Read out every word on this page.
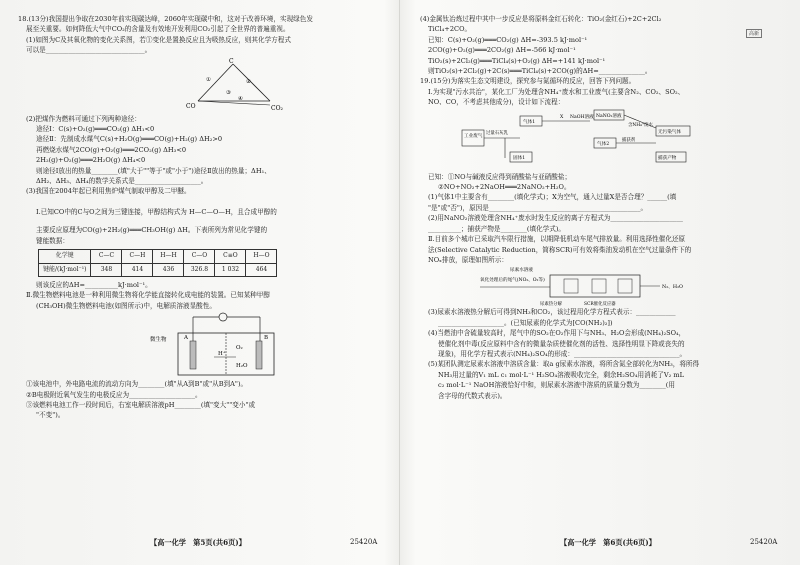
18.(13分)我国提出争取在2030年前实现碳达峰，2060年实现碳中和，这对于改善环境，实现绿色发
展至关重要。如何降低大气中CO₂的含量及有效地开发利用CO₂引起了全世界的普遍重视。
(1)如图为C及其氧化物的变化关系图，若①变化是置换反应且为吸热反应，则其化学方程式
可以是______________________________。
C
CO	CO₂
①	②
③
④
(2)把煤作为燃料可通过下列两种途径：
途径Ⅰ：C(s)+O₂(g)═══CO₂(g) ΔH₁<0
途径Ⅱ：先制成水煤气C(s)+H₂O(g)═══CO(g)+H₂(g) ΔH₂>0
再燃烧水煤气2CO(g)+O₂(g)═══2CO₂(g) ΔH₃<0
2H₂(g)+O₂(g)═══2H₂O(g) ΔH₄<0
则途径Ⅰ放出的热量________(填"大于""等于"或"小于")途径Ⅱ放出的热量；ΔH₁、
ΔH₂、ΔH₃、ΔH₄的数学关系式是____________________。
(3)我国在2004年起已利用焦炉煤气制取甲醇及二甲醚。
Ⅰ.已知CO中的C与O之间为三键连接，甲醇结构式为 H—C—O—H，且合成甲醇的
主要反应原理为CO(g)+2H₂(g)═══CH₃OH(g) ΔH。下表所列为常见化学键的
键能数据：
化学键	C—C	C—H	H—H	C—O	C≡O	H—O
键能/(kJ·mol⁻¹)	348	414	436	326.8	1 032	464
则该反应的ΔH=__________kJ·mol⁻¹。
Ⅱ.微生物燃料电池是一种利用微生物将化学能直接转化成电能的装置。已知某种甲醇
(CH₃OH)微生物燃料电池(如图所示)中，电解质溶液显酸性。
微生物	A	B
H⁺
O₂
H₂O
①该电池中，外电路电流的流动方向为________(填"从A到B"或"从B到A")。
②B电极附近氧气发生的电极反应为____________________。
③该燃料电池工作一段时间后，右室电解质溶液pH________(填"变大""变小"或
"不变")。
【高一化学　第5页(共6页)】	25420A
(4)金属钛冶炼过程中其中一步反应是将原料金红石转化：TiO₂(金红石)+2C+2Cl₂
TiCl₄+2CO。
已知：C(s)+O₂(g)═══CO₂(g) ΔH=-393.5 kJ·mol⁻¹
2CO(g)+O₂(g)═══2CO₂(g) ΔH=-566 kJ·mol⁻¹
TiO₂(s)+2Cl₂(g)═══TiCl₄(s)+O₂(g) ΔH=+141 kJ·mol⁻¹
则TiO₂(s)+2Cl₂(g)+2C(s)═══TiCl₄(s)+2CO(g)的ΔH=______________。
19.(15分)为落实生态文明建设，探究参与氮循环的反应，回答下列问题。
Ⅰ.为实现"污水共治"，某化工厂为处理含NH₄⁺废水和工业废气(主要含N₂、CO₂、SO₂、
NO、CO，不考虑其他成分)，设计如下流程：
工业废气
过量石灰乳
固体1
气体1
X NaOH溶液 NaNO₂溶液
含NH₄⁺废水
无污染气体
气体2
捕获剂
捕获产物
已知：①NO与碱液反应得到硝酸盐与亚硝酸盐；
②NO+NO₂+2NaOH═══2NaNO₂+H₂O。
(1)气体1中主要含有________(填化学式)；X为空气，通入过量X是否合理？______(填
"是"或"否")，原因是______________________________________________。
(2)用NaNO₂溶液处理含NH₄⁺废水时发生反应的离子方程式为______________________
__________；捕获产物是________(填化学式)。
Ⅱ.目前多个城市已采取汽车限行措施，以期降低机动车尾气排放量。利用选择性催化还原
法(Selective Catalytic Reduction，简称SCR)可有效将柴油发动机在空气过量条件下的
NOₓ排放，原理如图所示：
尿素水溶液
氧化处理后的尾气(NO₂、O₂等)
N₂、H₂O
尿素热分解	SCR催化反应器
(3)尿素水溶液热分解后可得到NH₃和CO₂，该过程用化学方程式表示：____________
____________________。(已知尿素的化学式为[CO(NH₂)₂])
(4)当燃油中含硫量较高时，尾气中的SO₂在O₂作用下与NH₃、H₂O会形成(NH₄)₂SO₄，
使催化剂中毒(反应原料中含有的微量杂质使催化剂的活性、选择性明显下降或丧失的
现象)，用化学方程式表示(NH₄)₂SO₄的形成：________________________________。
(5)某团队测定尿素水溶液中溶质含量：取a g尿素水溶液，将所含氮全部转化为NH₃，将所得
NH₃用过量的V₁ mL c₁ mol·L⁻¹ H₂SO₄溶液吸收完全，剩余H₂SO₄用消耗了V₂ mL
c₂ mol·L⁻¹ NaOH溶液恰好中和，则尿素水溶液中溶质的质量分数为________(用
含字母的代数式表示)。
高新
【高一化学　第6页(共6页)】	25420A
